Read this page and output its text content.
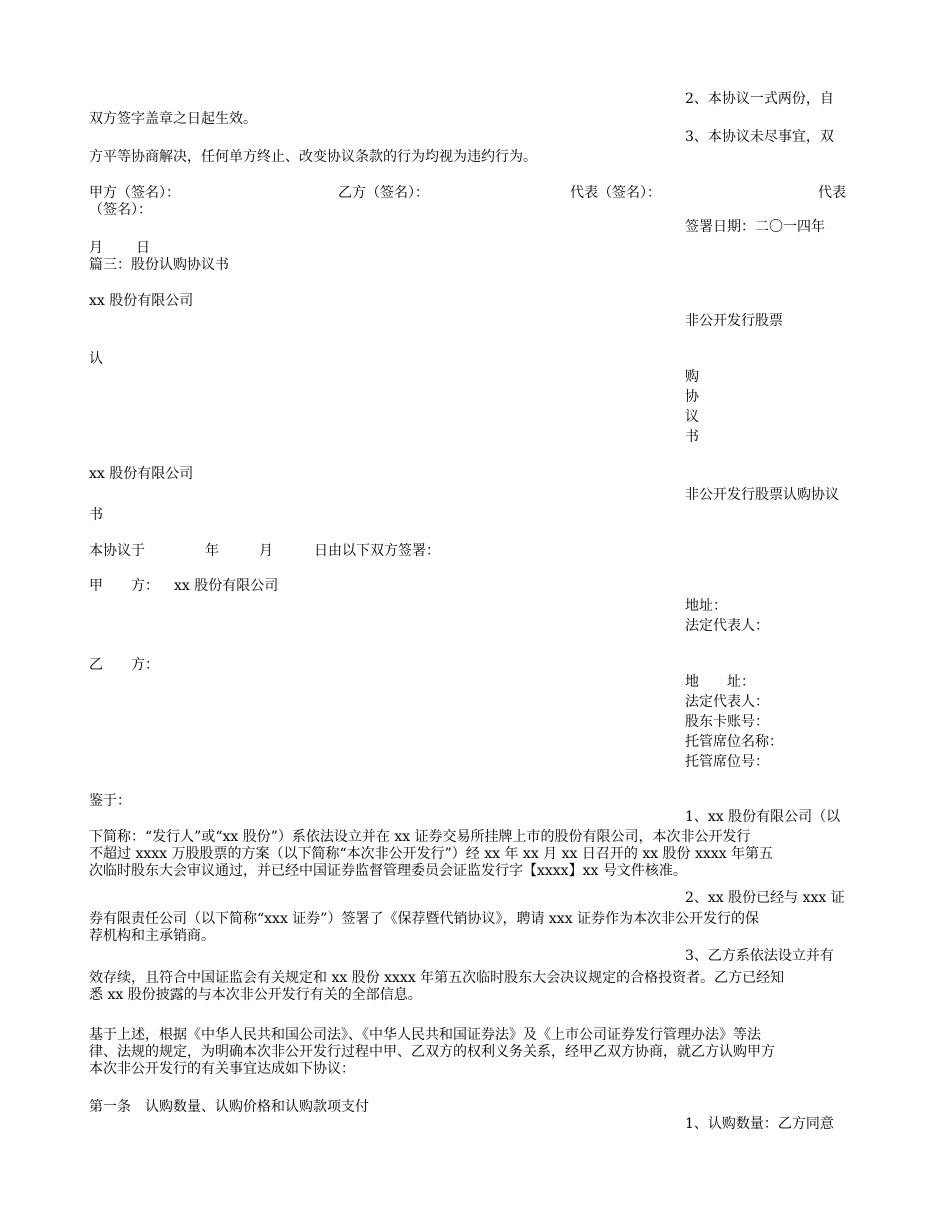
2、本协议一式两份，自
双方签字盖章之日起生效。
3、本协议未尽事宜，双
方平等协商解决，任何单方终止、改变协议条款的行为均视为违约行为。
甲方（签名）：	乙方（签名）：	代表（签名）：	代表
（签名）：
签署日期：二〇一四年
月 日
篇三：股份认购协议书
xx 股份有限公司
非公开发行股票
认
购
协
议
书
xx 股份有限公司
非公开发行股票认购协议
书
本协议于	年	月	日由以下双方签署：
甲　　方： xx 股份有限公司
地址：
法定代表人：
乙　　方：
地　　址：
法定代表人：
股东卡账号：
托管席位名称：
托管席位号：
鉴于：
1、xx 股份有限公司（以

下简称：“发行人”或“xx 股份”）系依法设立并在 xx 证券交易所挂牌上市的股份有限公司，本次非公开发行

不超过 xxxx 万股股票的方案（以下简称“本次非公开发行”）经 xx 年 xx 月 xx 日召开的 xx 股份 xxxx 年第五

次临时股东大会审议通过，并已经中国证券监督管理委员会证监发行字【xxxx】xx 号文件核准。

2、xx 股份已经与 xxx 证

券有限责任公司（以下简称“xxx 证券”）签署了《保荐暨代销协议》，聘请 xxx 证券作为本次非公开发行的保

荐机构和主承销商。

3、乙方系依法设立并有

效存续，且符合中国证监会有关规定和 xx 股份 xxxx 年第五次临时股东大会决议规定的合格投资者。乙方已经知

悉 xx 股份披露的与本次非公开发行有关的全部信息。

基于上述，根据《中华人民共和国公司法》、《中华人民共和国证券法》及《上市公司证券发行管理办法》等法

律、法规的规定，为明确本次非公开发行过程中甲、乙双方的权利义务关系，经甲乙双方协商，就乙方认购甲方

本次非公开发行的有关事宜达成如下协议：

第一条　认购数量、认购价格和认购款项支付
1、认购数量：乙方同意
